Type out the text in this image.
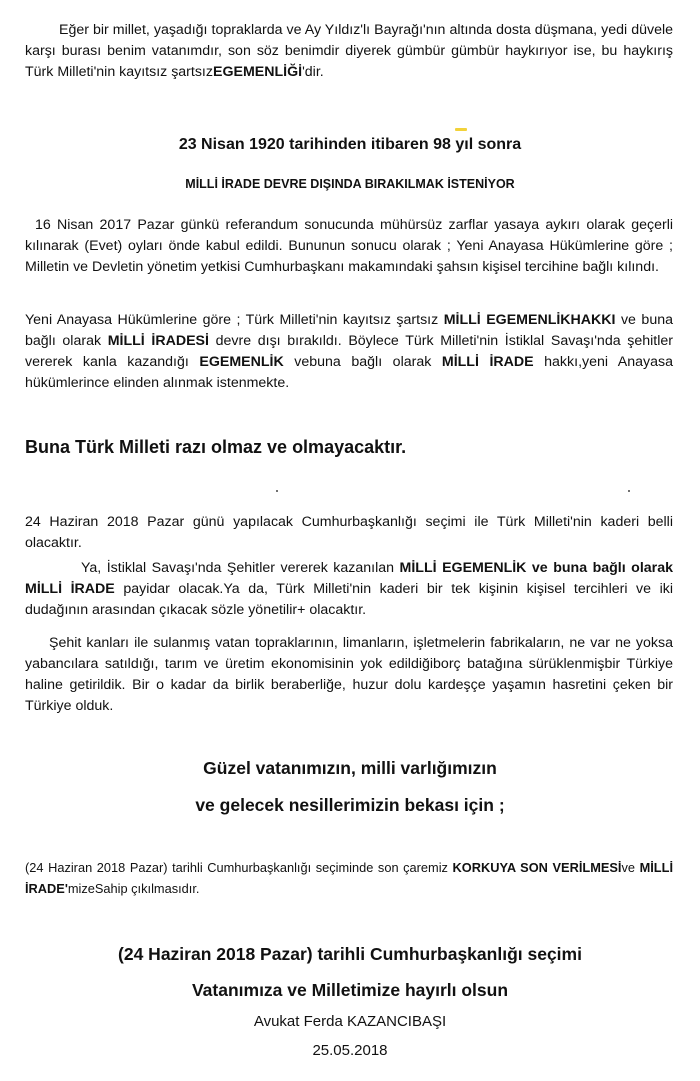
Eğer bir millet, yaşadığı topraklarda ve Ay Yıldız'lı Bayrağı'nın altında dosta düşmana, yedi düvele karşı burası benim vatanımdır, son söz benimdir diyerek gümbür gümbür haykırıyor ise, bu haykırış Türk Milleti'nin kayıtsız şartsızEGEMENLİĞİ'dir.

23 Nisan 1920 tarihinden itibaren 98 yıl sonra

MİLLİ İRADE DEVRE DIŞINDA BIRAKILMAK İSTENİYOR

16 Nisan 2017 Pazar günkü referandum sonucunda mühürsüz zarflar yasaya aykırı olarak geçerli kılınarak (Evet) oyları önde kabul edildi. Bununun sonucu olarak ; Yeni Anayasa Hükümlerine göre ; Milletin ve Devletin yönetim yetkisi Cumhurbaşkanı makamındaki şahsın kişisel tercihine bağlı kılındı.

Yeni Anayasa Hükümlerine göre ; Türk Milleti'nin kayıtsız şartsız MİLLİ EGEMENLİKHAKKI ve buna bağlı olarak MİLLİ İRADESİ devre dışı bırakıldı. Böylece Türk Milleti'nin İstiklal Savaşı'nda şehitler vererek kanla kazandığı EGEMENLİK vebuna bağlı olarak MİLLİ İRADE hakkı,yeni Anayasa hükümlerince elinden alınmak istenmekte.

Buna Türk Milleti razı olmaz ve olmayacaktır.

24 Haziran 2018 Pazar günü yapılacak Cumhurbaşkanlığı seçimi ile Türk Milleti'nin kaderi belli olacaktır.

Ya, İstiklal Savaşı'nda Şehitler vererek kazanılan MİLLİ EGEMENLİK ve buna bağlı olarak MİLLİ İRADE payidar olacak.Ya da, Türk Milleti'nin kaderi bir tek kişinin kişisel tercihleri ve iki dudağının arasından çıkacak sözle yönetilir+ olacaktır.

Şehit kanları ile sulanmış vatan topraklarının, limanların, işletmelerin fabrikaların, ne var ne yoksa yabancılara satıldığı, tarım ve üretim ekonomisinin yok edildiğiborç batağına sürüklenmişbir Türkiye haline getirildik. Bir o kadar da birlik beraberliğe, huzur dolu kardeşçe yaşamın hasretini çeken bir Türkiye olduk.

Güzel vatanımızın, milli varlığımızın

ve gelecek nesillerimizin bekası için ;

(24 Haziran 2018 Pazar) tarihli Cumhurbaşkanlığı seçiminde son çaremiz KORKUYA SON VERİLMESİve MİLLİ İRADE'mizeSahip çıkılmasıdır.

(24 Haziran 2018 Pazar) tarihli Cumhurbaşkanlığı seçimi

Vatanımıza ve Milletimize hayırlı olsun

Avukat Ferda KAZANCIBAŞI

25.05.2018
